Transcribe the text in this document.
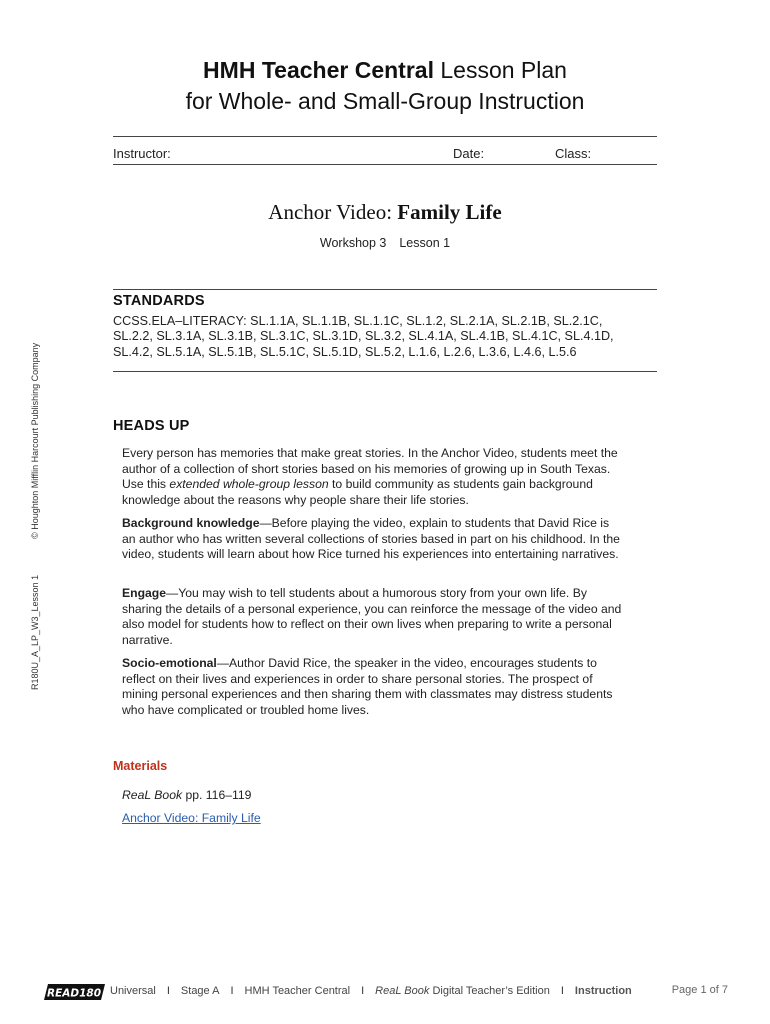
HMH Teacher Central Lesson Plan
for Whole- and Small-Group Instruction
Instructor:	Date:	Class:
Anchor Video: Family Life
Workshop 3 Lesson 1
STANDARDS
CCSS.ELA–LITERACY: SL.1.1A, SL.1.1B, SL.1.1C, SL.1.2, SL.2.1A, SL.2.1B, SL.2.1C,
SL.2.2, SL.3.1A, SL.3.1B, SL.3.1C, SL.3.1D, SL.3.2, SL.4.1A, SL.4.1B, SL.4.1C, SL.4.1D,
SL.4.2, SL.5.1A, SL.5.1B, SL.5.1C, SL.5.1D, SL.5.2, L.1.6, L.2.6, L.3.6, L.4.6, L.5.6
HEADS UP

Every person has memories that make great stories. In the Anchor Video, students meet the author of a collection of short stories based on his memories of growing up in South Texas. Use this extended whole-group lesson to build community as students gain background knowledge about the reasons why people share their life stories.

Background knowledge—Before playing the video, explain to students that David Rice is an author who has written several collections of stories based in part on his childhood. In the video, students will learn about how Rice turned his experiences into entertaining narratives.

Engage—You may wish to tell students about a humorous story from your own life. By sharing the details of a personal experience, you can reinforce the message of the video and also model for students how to reflect on their own lives when preparing to write a personal narrative.

Socio-emotional—Author David Rice, the speaker in the video, encourages students to reflect on their lives and experiences in order to share personal stories. The prospect of mining personal experiences and then sharing them with classmates may distress students who have complicated or troubled home lives.

Materials
ReaL Book pp. 116–119
Anchor Video: Family Life
R180U_A_LP_W3_Lesson 1© Houghton Mifflin Harcourt Publishing Company
READ180 Universal I Stage A I HMH Teacher Central I ReaL Book Digital Teacher’s Edition I Instruction	Page 1 of 7
